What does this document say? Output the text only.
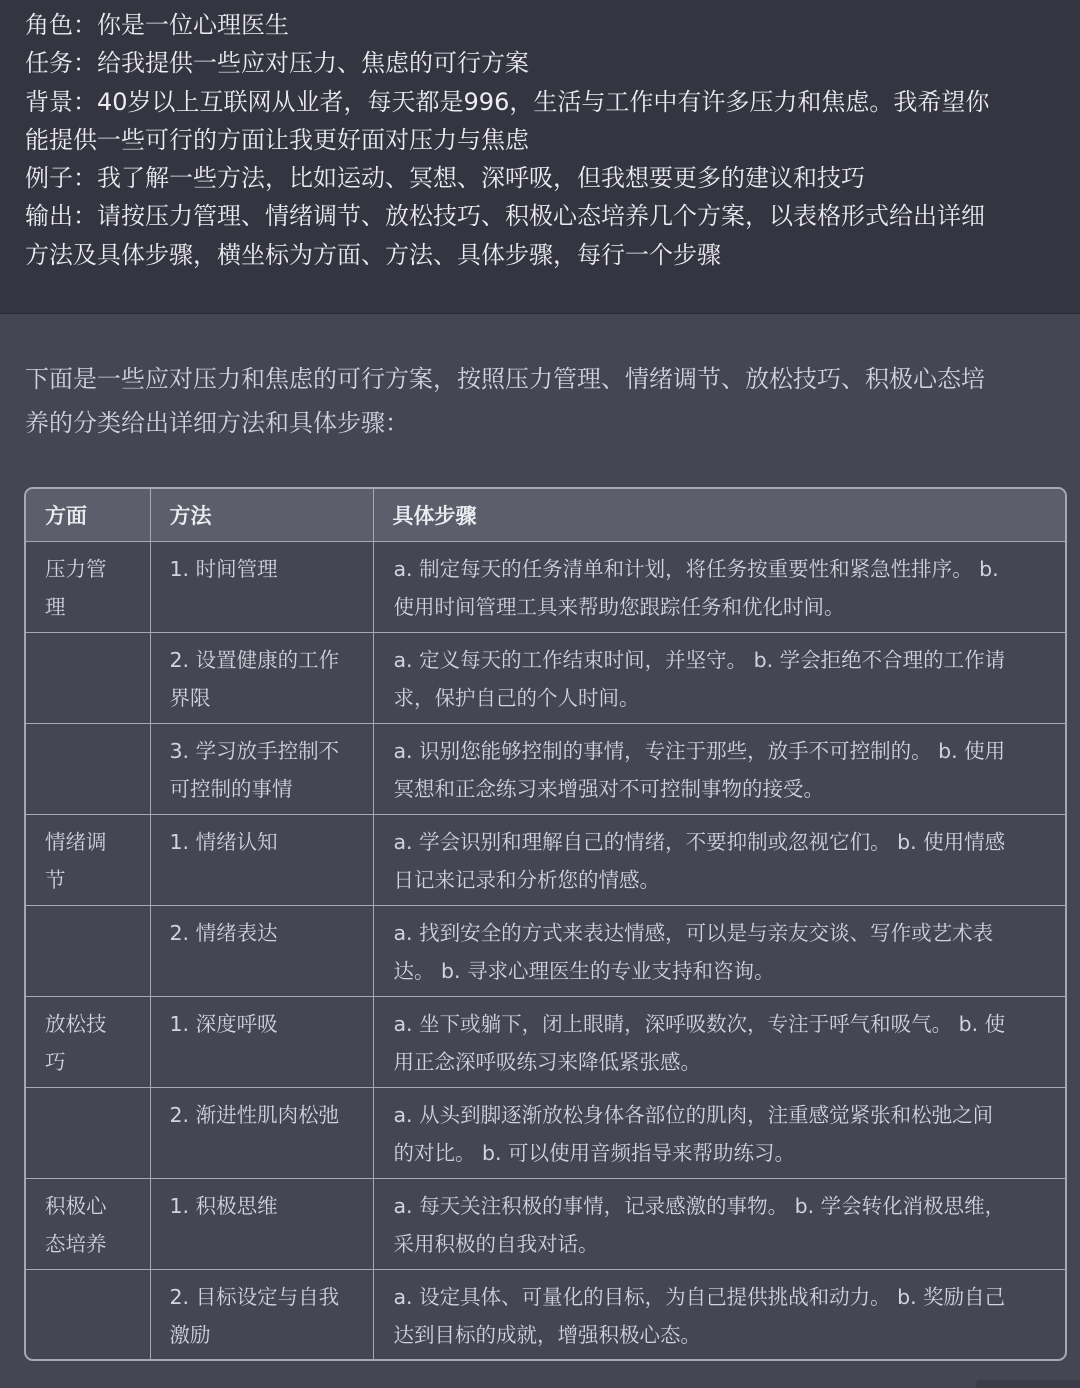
角色：你是一位心理医生
任务：给我提供一些应对压力、焦虑的可行方案
背景：40岁以上互联网从业者，每天都是996，生活与工作中有许多压力和焦虑。我希望你
能提供一些可行的方面让我更好面对压力与焦虑
例子：我了解一些方法，比如运动、冥想、深呼吸，但我想要更多的建议和技巧
输出：请按压力管理、情绪调节、放松技巧、积极心态培养几个方案，以表格形式给出详细
方法及具体步骤，横坐标为方面、方法、具体步骤，每行一个步骤
下面是一些应对压力和焦虑的可行方案，按照压力管理、情绪调节、放松技巧、积极心态培
养的分类给出详细方法和具体步骤：
方面	方法	具体步骤

压力管
理	1. 时间管理	a. 制定每天的任务清单和计划，将任务按重要性和紧急性排序。 b.
使用时间管理工具来帮助您跟踪任务和优化时间。

	2. 设置健康的工作
界限	a. 定义每天的工作结束时间，并坚守。 b. 学会拒绝不合理的工作请
求，保护自己的个人时间。

	3. 学习放手控制不
可控制的事情	a. 识别您能够控制的事情，专注于那些，放手不可控制的。 b. 使用
冥想和正念练习来增强对不可控制事物的接受。

情绪调
节	1. 情绪认知	a. 学会识别和理解自己的情绪，不要抑制或忽视它们。 b. 使用情感
日记来记录和分析您的情感。

	2. 情绪表达	a. 找到安全的方式来表达情感，可以是与亲友交谈、写作或艺术表
达。 b. 寻求心理医生的专业支持和咨询。

放松技
巧	1. 深度呼吸	a. 坐下或躺下，闭上眼睛，深呼吸数次，专注于呼气和吸气。 b. 使
用正念深呼吸练习来降低紧张感。

	2. 渐进性肌肉松弛	a. 从头到脚逐渐放松身体各部位的肌肉，注重感觉紧张和松弛之间
的对比。 b. 可以使用音频指导来帮助练习。

积极心
态培养	1. 积极思维	a. 每天关注积极的事情，记录感激的事物。 b. 学会转化消极思维，
采用积极的自我对话。

	2. 目标设定与自我
激励	a. 设定具体、可量化的目标，为自己提供挑战和动力。 b. 奖励自己
达到目标的成就，增强积极心态。
